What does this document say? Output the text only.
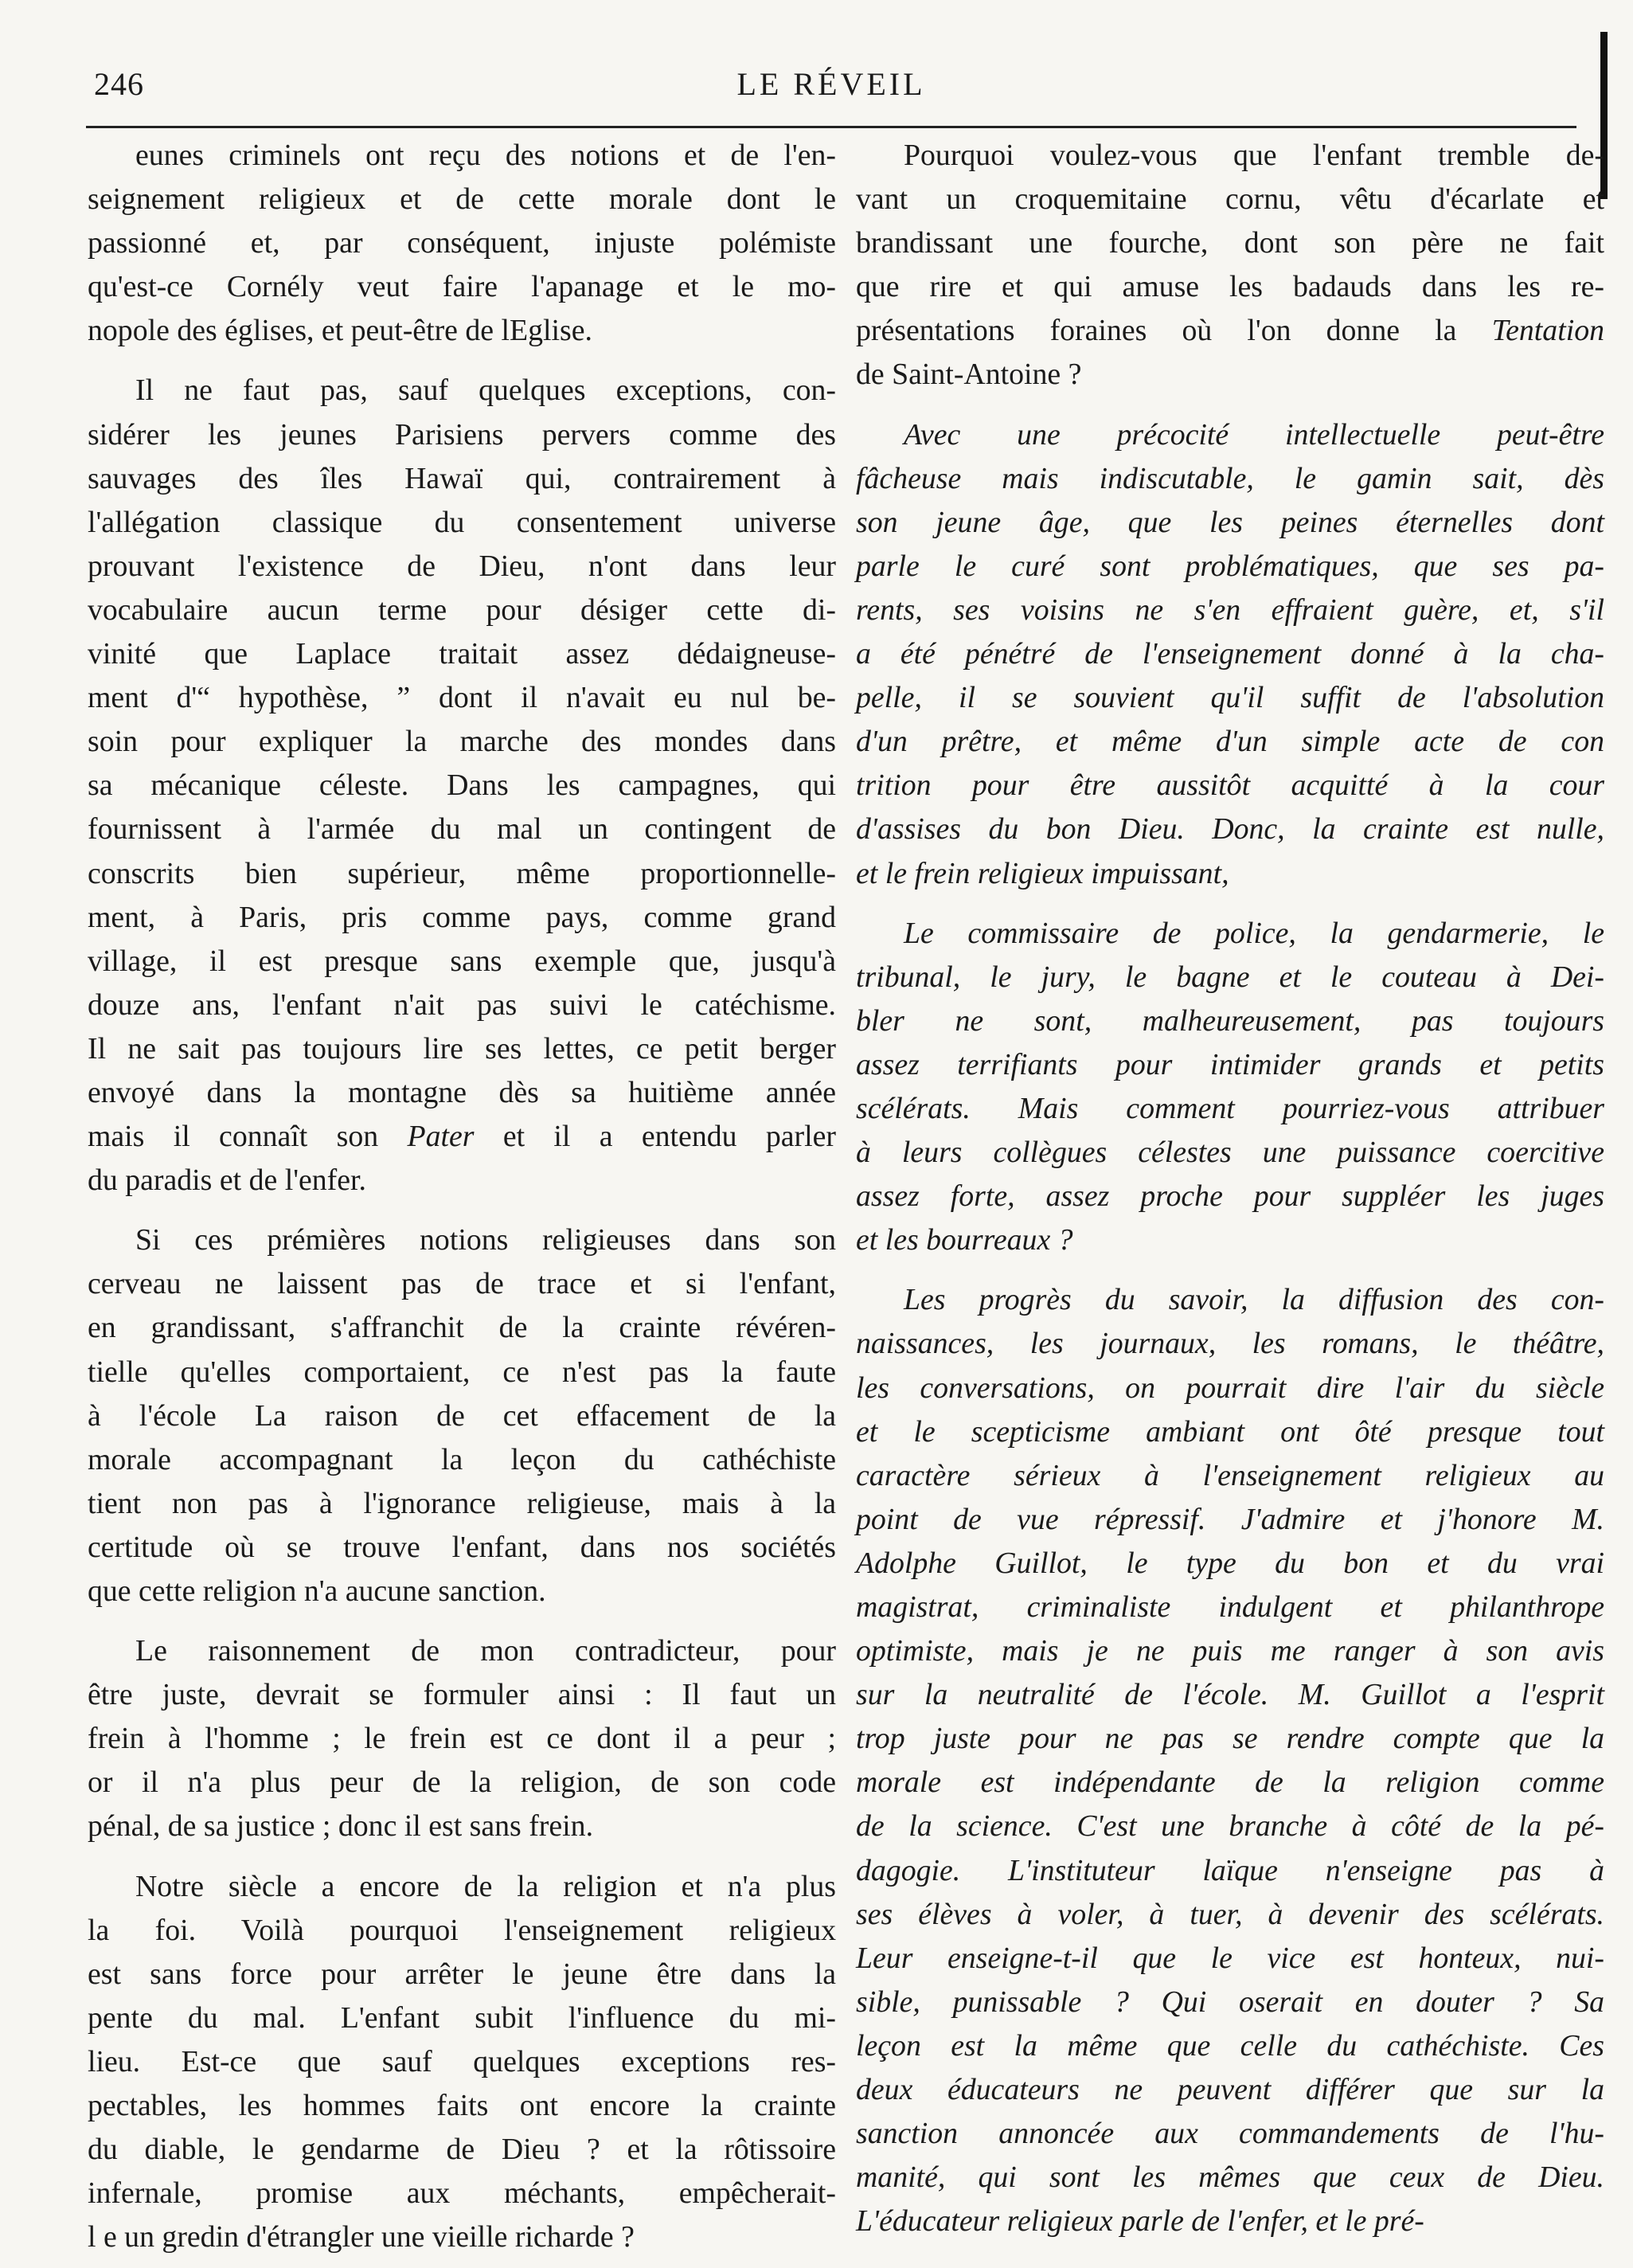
246	LE RÉVEIL

eunes criminels ont reçu des notions et de l'en-
seignement religieux et de cette morale dont le
passionné et, par conséquent, injuste polémiste
qu'est-ce Cornély veut faire l'apanage et le mo-
nopole des églises, et peut-être de lEglise.

Il ne faut pas, sauf quelques exceptions, con-
sidérer les jeunes Parisiens pervers comme des
sauvages des îles Hawaï qui, contrairement à
l'allégation classique du consentement universe
prouvant l'existence de Dieu, n'ont dans leur
vocabulaire aucun terme pour désiger cette di-
vinité que Laplace traitait assez dédaigneuse-
ment d'“ hypothèse, ” dont il n'avait eu nul be-
soin pour expliquer la marche des mondes dans
sa mécanique céleste. Dans les campagnes, qui
fournissent à l'armée du mal un contingent de
conscrits bien supérieur, même proportionnelle-
ment, à Paris, pris comme pays, comme grand
village, il est presque sans exemple que, jusqu'à
douze ans, l'enfant n'ait pas suivi le catéchisme.
Il ne sait pas toujours lire ses lettes, ce petit berger
envoyé dans la montagne dès sa huitième année
mais il connaît son Pater et il a entendu parler
du paradis et de l'enfer.

Si ces prémières notions religieuses dans son
cerveau ne laissent pas de trace et si l'enfant,
en grandissant, s'affranchit de la crainte révéren-
tielle qu'elles comportaient, ce n'est pas la faute
à l'école La raison de cet effacement de la
morale accompagnant la leçon du cathéchiste
tient non pas à l'ignorance religieuse, mais à la
certitude où se trouve l'enfant, dans nos sociétés
que cette religion n'a aucune sanction.

Le raisonnement de mon contradicteur, pour
être juste, devrait se formuler ainsi : Il faut un
frein à l'homme ; le frein est ce dont il a peur ;
or il n'a plus peur de la religion, de son code
pénal, de sa justice ; donc il est sans frein.

Notre siècle a encore de la religion et n'a plus
la foi. Voilà pourquoi l'enseignement religieux
est sans force pour arrêter le jeune être dans la
pente du mal. L'enfant subit l'influence du mi-
lieu. Est-ce que sauf quelques exceptions res-
pectables, les hommes faits ont encore la crainte
du diable, le gendarme de Dieu ? et la rôtissoire
infernale, promise aux méchants, empêcherait-
l e un gredin d'étrangler une vieille richarde ?

Pourquoi voulez-vous que l'enfant tremble de-
vant un croquemitaine cornu, vêtu d'écarlate et
brandissant une fourche, dont son père ne fait
que rire et qui amuse les badauds dans les re-
présentations foraines où l'on donne la Tentation
de Saint-Antoine ?

Avec une précocité intellectuelle peut-être
fâcheuse mais indiscutable, le gamin sait, dès
son jeune âge, que les peines éternelles dont
parle le curé sont problématiques, que ses pa-
rents, ses voisins ne s'en effraient guère, et, s'il
a été pénétré de l'enseignement donné à la cha-
pelle, il se souvient qu'il suffit de l'absolution
d'un prêtre, et même d'un simple acte de con
trition pour être aussitôt acquitté à la cour
d'assises du bon Dieu. Donc, la crainte est nulle,
et le frein religieux impuissant,

Le commissaire de police, la gendarmerie, le
tribunal, le jury, le bagne et le couteau à Dei-
bler ne sont, malheureusement, pas toujours
assez terrifiants pour intimider grands et petits
scélérats. Mais comment pourriez-vous attribuer
à leurs collègues célestes une puissance coercitive
assez forte, assez proche pour suppléer les juges
et les bourreaux ?

Les progrès du savoir, la diffusion des con-
naissances, les journaux, les romans, le théâtre,
les conversations, on pourrait dire l'air du siècle
et le scepticisme ambiant ont ôté presque tout
caractère sérieux à l'enseignement religieux au
point de vue répressif. J'admire et j'honore M.
Adolphe Guillot, le type du bon et du vrai
magistrat, criminaliste indulgent et philanthrope
optimiste, mais je ne puis me ranger à son avis
sur la neutralité de l'école. M. Guillot a l'esprit
trop juste pour ne pas se rendre compte que la
morale est indépendante de la religion comme
de la science. C'est une branche à côté de la pé-
dagogie. L'instituteur laïque n'enseigne pas à
ses élèves à voler, à tuer, à devenir des scélérats.
Leur enseigne-t-il que le vice est honteux, nui-
sible, punissable ? Qui oserait en douter ? Sa
leçon est la même que celle du cathéchiste. Ces
deux éducateurs ne peuvent différer que sur la
sanction annoncée aux commandements de l'hu-
manité, qui sont les mêmes que ceux de Dieu.
L'éducateur religieux parle de l'enfer, et le pré-
